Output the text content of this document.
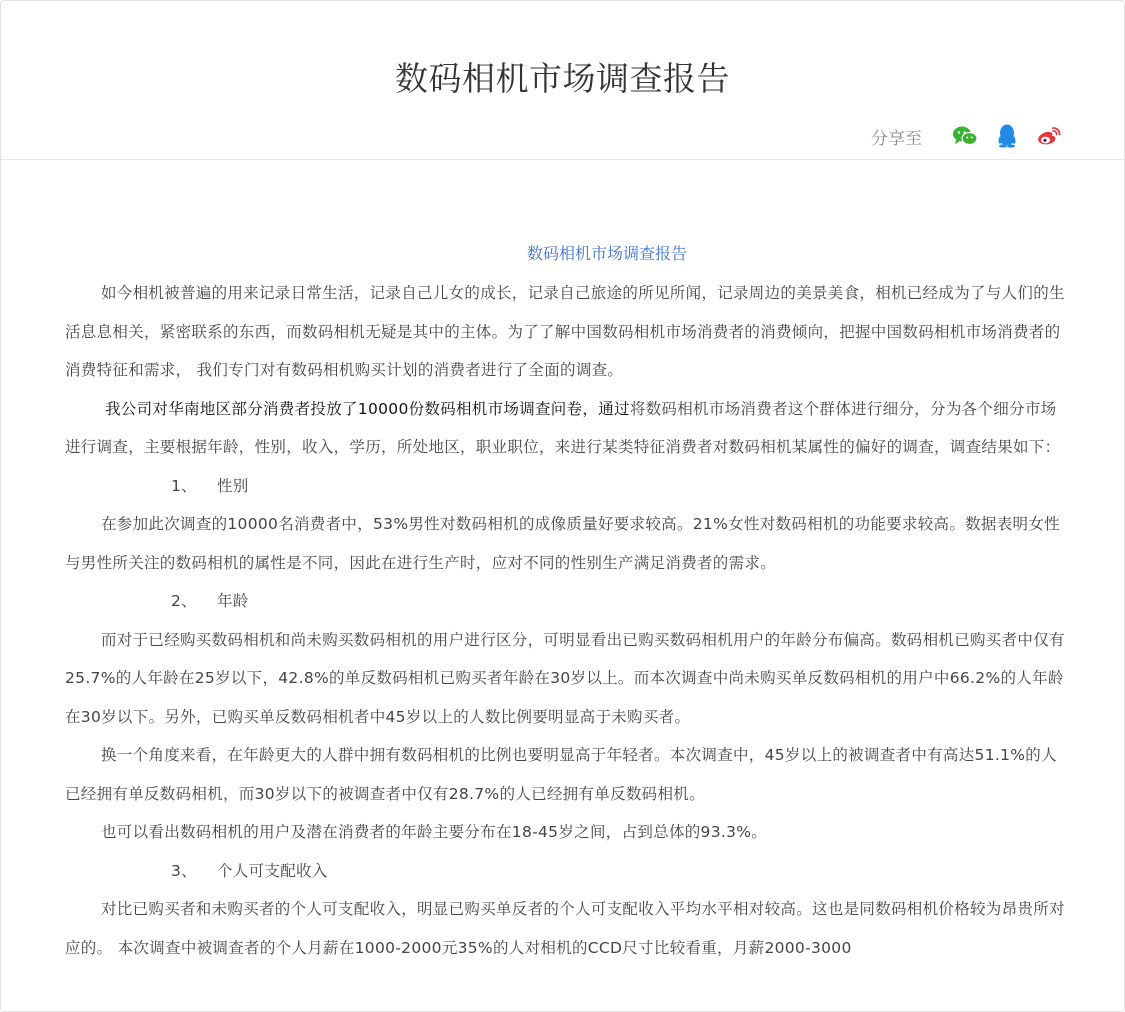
数码相机市场调查报告
分享至
数码相机市场调查报告

如今相机被普遍的用来记录日常生活，记录自己儿女的成长，记录自己旅途的所见所闻，记录周边的美景美食，相机已经成为了与人们的生活息息相关，紧密联系的东西，而数码相机无疑是其中的主体。为了了解中国数码相机市场消费者的消费倾向，把握中国数码相机市场消费者的消费特征和需求， 我们专门对有数码相机购买计划的消费者进行了全面的调查。

我公司对华南地区部分消费者投放了10000份数码相机市场调查问卷，通过将数码相机市场消费者这个群体进行细分，分为各个细分市场进行调查，主要根据年龄，性别，收入，学历，所处地区，职业职位，来进行某类特征消费者对数码相机某属性的偏好的调查，调查结果如下：

1、 性别

在参加此次调查的10000名消费者中，53%男性对数码相机的成像质量好要求较高。21%女性对数码相机的功能要求较高。数据表明女性与男性所关注的数码相机的属性是不同，因此在进行生产时，应对不同的性别生产满足消费者的需求。

2、 年龄

而对于已经购买数码相机和尚未购买数码相机的用户进行区分，可明显看出已购买数码相机用户的年龄分布偏高。数码相机已购买者中仅有25.7%的人年龄在25岁以下，42.8%的单反数码相机已购买者年龄在30岁以上。而本次调查中尚未购买单反数码相机的用户中66.2%的人年龄在30岁以下。另外，已购买单反数码相机者中45岁以上的人数比例要明显高于未购买者。

换一个角度来看，在年龄更大的人群中拥有数码相机的比例也要明显高于年轻者。本次调查中，45岁以上的被调查者中有高达51.1%的人已经拥有单反数码相机，而30岁以下的被调查者中仅有28.7%的人已经拥有单反数码相机。

也可以看出数码相机的用户及潜在消费者的年龄主要分布在18-45岁之间，占到总体的93.3%。

3、 个人可支配收入

对比已购买者和未购买者的个人可支配收入，明显已购买单反者的个人可支配收入平均水平相对较高。这也是同数码相机价格较为昂贵所对应的。 本次调查中被调查者的个人月薪在1000-2000元35%的人对相机的CCD尺寸比较看重，月薪2000-3000
